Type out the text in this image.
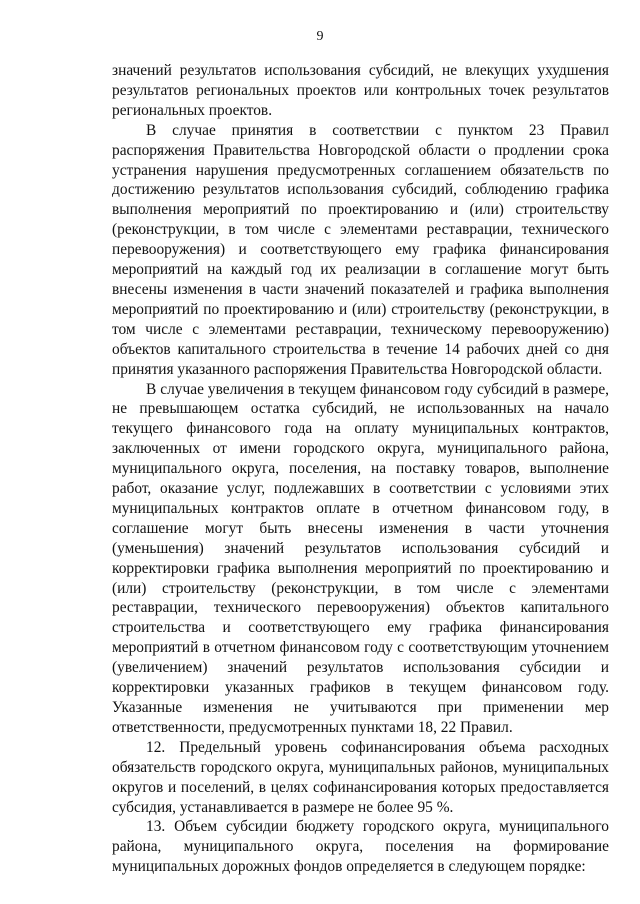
9

значений результатов использования субсидий, не влекущих ухудшения результатов региональных проектов или контрольных точек результатов региональных проектов.

В случае принятия в соответствии с пунктом 23 Правил распоряжения Правительства Новгородской области о продлении срока устранения нарушения предусмотренных соглашением обязательств по достижению результатов использования субсидий, соблюдению графика выполнения мероприятий по проектированию и (или) строительству (реконструкции, в том числе с элементами реставрации, технического перевооружения) и соответствующего ему графика финансирования мероприятий на каждый год их реализации в соглашение могут быть внесены изменения в части значений показателей и графика выполнения мероприятий по проектированию и (или) строительству (реконструкции, в том числе с элементами реставрации, техническому перевооружению) объектов капитального строительства в течение 14 рабочих дней со дня принятия указанного распоряжения Правительства Новгородской области.

В случае увеличения в текущем финансовом году субсидий в размере, не превышающем остатка субсидий, не использованных на начало текущего финансового года на оплату муниципальных контрактов, заключенных от имени городского округа, муниципального района, муниципального округа, поселения, на поставку товаров, выполнение работ, оказание услуг, подлежавших в соответствии с условиями этих муниципальных контрактов оплате в отчетном финансовом году, в соглашение могут быть внесены изменения в части уточнения (уменьшения) значений результатов использования субсидий и корректировки графика выполнения мероприятий по проектированию и (или) строительству (реконструкции, в том числе с элементами реставрации, технического перевооружения) объектов капитального строительства и соответствующего ему графика финансирования мероприятий в отчетном финансовом году с соответствующим уточнением (увеличением) значений результатов использования субсидии и корректировки указанных графиков в текущем финансовом году. Указанные изменения не учитываются при применении мер ответственности, предусмотренных пунктами 18, 22 Правил.

12. Предельный уровень софинансирования объема расходных обязательств городского округа, муниципальных районов, муниципальных округов и поселений, в целях софинансирования которых предоставляется субсидия, устанавливается в размере не более 95 %.

13. Объем субсидии бюджету городского округа, муниципального района, муниципального округа, поселения на формирование муниципальных дорожных фондов определяется в следующем порядке:
